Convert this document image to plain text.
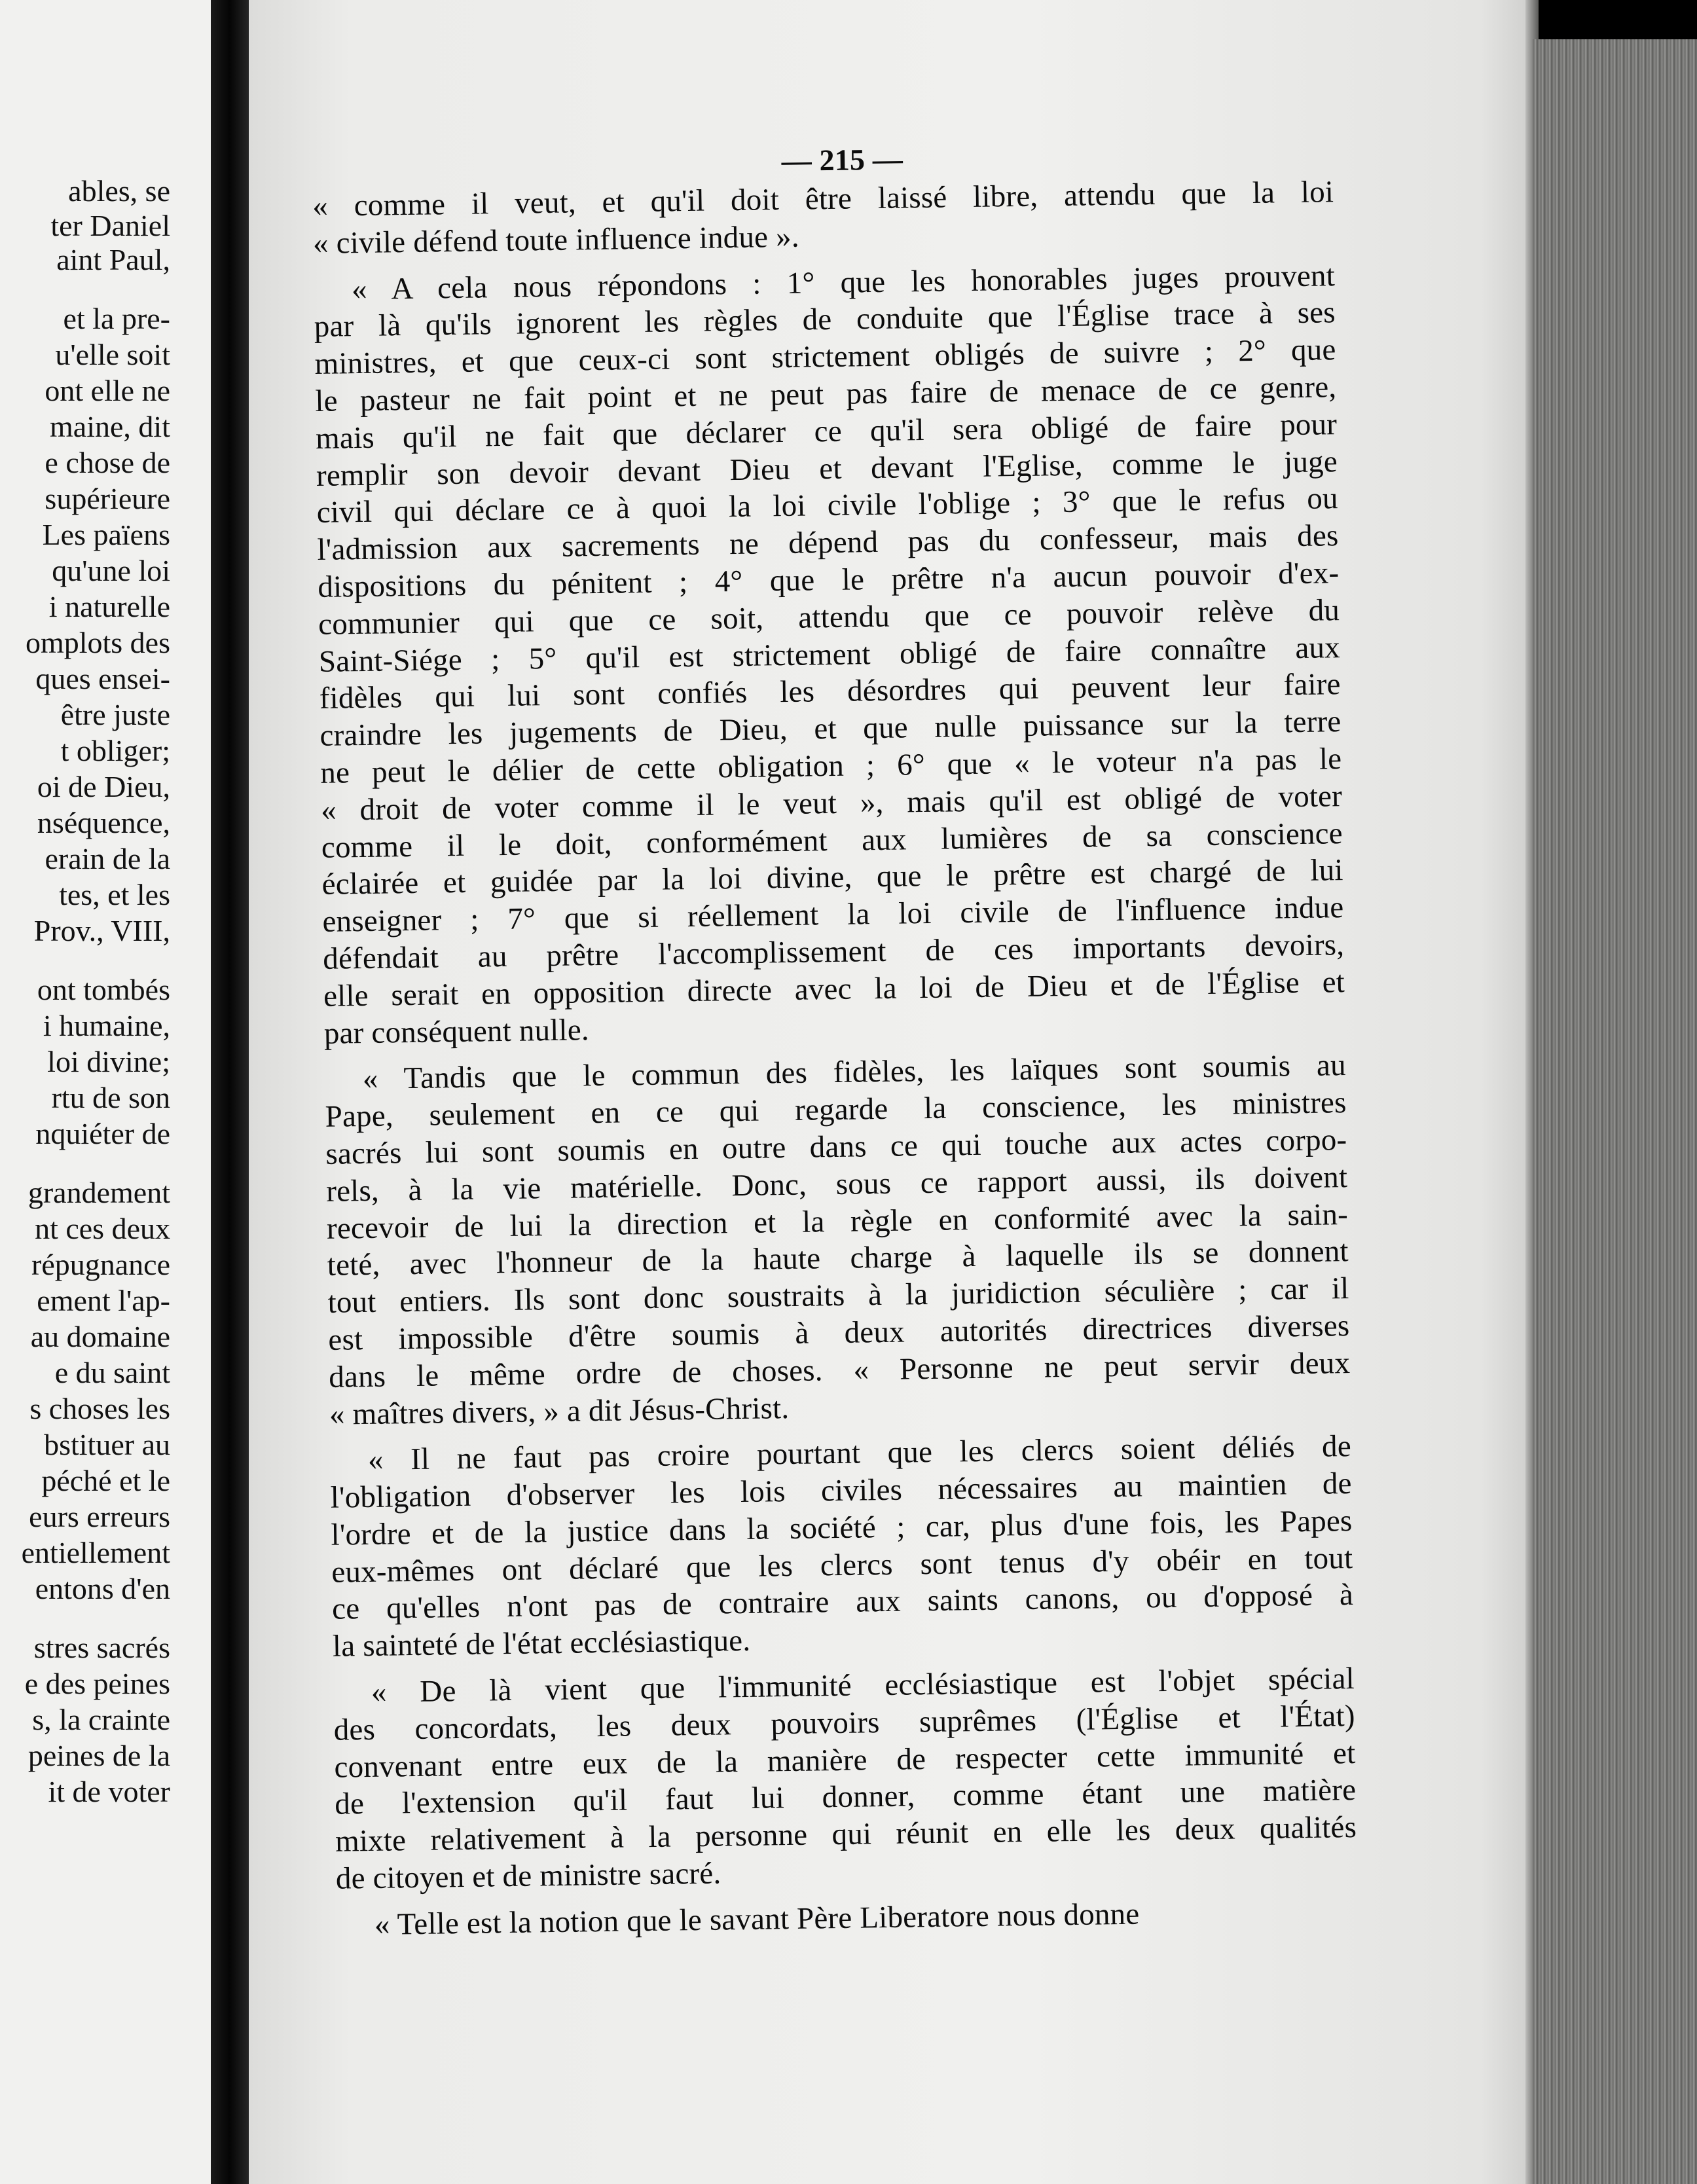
ables, se
ter Daniel
aint Paul,
et la pre-
u'elle soit
ont elle ne
maine, dit
e chose de
supérieure
Les païens
qu'une loi
i naturelle
omplots des
ques ensei-
être juste
t obliger;
oi de Dieu,
nséquence,
erain de la
tes, et les
Prov., VIII,
ont tombés
i humaine,
loi divine;
rtu de son
nquiéter de
grandement
nt ces deux
répugnance
ement l'ap-
au domaine
e du saint
s choses les
bstituer au
péché et le
eurs erreurs
entiellement
entons d'en
stres sacrés
e des peines
s, la crainte
peines de la
it de voter
— 215 —

« comme il veut, et qu'il doit être laissé libre, attendu que la loi
« civile défend toute influence indue ».

« A cela nous répondons : 1° que les honorables juges prouvent
par là qu'ils ignorent les règles de conduite que l'Église trace à ses
ministres, et que ceux-ci sont strictement obligés de suivre ; 2° que
le pasteur ne fait point et ne peut pas faire de menace de ce genre,
mais qu'il ne fait que déclarer ce qu'il sera obligé de faire pour
remplir son devoir devant Dieu et devant l'Eglise, comme le juge
civil qui déclare ce à quoi la loi civile l'oblige ; 3° que le refus ou
l'admission aux sacrements ne dépend pas du confesseur, mais des
dispositions du pénitent ; 4° que le prêtre n'a aucun pouvoir d'ex-
communier qui que ce soit, attendu que ce pouvoir relève du
Saint-Siége ; 5° qu'il est strictement obligé de faire connaître aux
fidèles qui lui sont confiés les désordres qui peuvent leur faire
craindre les jugements de Dieu, et que nulle puissance sur la terre
ne peut le délier de cette obligation ; 6° que « le voteur n'a pas le
« droit de voter comme il le veut », mais qu'il est obligé de voter
comme il le doit, conformément aux lumières de sa conscience
éclairée et guidée par la loi divine, que le prêtre est chargé de lui
enseigner ; 7° que si réellement la loi civile de l'influence indue
défendait au prêtre l'accomplissement de ces importants devoirs,
elle serait en opposition directe avec la loi de Dieu et de l'Église et
par conséquent nulle.

« Tandis que le commun des fidèles, les laïques sont soumis au
Pape, seulement en ce qui regarde la conscience, les ministres
sacrés lui sont soumis en outre dans ce qui touche aux actes corpo-
rels, à la vie matérielle. Donc, sous ce rapport aussi, ils doivent
recevoir de lui la direction et la règle en conformité avec la sain-
teté, avec l'honneur de la haute charge à laquelle ils se donnent
tout entiers. Ils sont donc soustraits à la juridiction séculière ; car il
est impossible d'être soumis à deux autorités directrices diverses
dans le même ordre de choses. « Personne ne peut servir deux
« maîtres divers, » a dit Jésus-Christ.

« Il ne faut pas croire pourtant que les clercs soient déliés de
l'obligation d'observer les lois civiles nécessaires au maintien de
l'ordre et de la justice dans la société ; car, plus d'une fois, les Papes
eux-mêmes ont déclaré que les clercs sont tenus d'y obéir en tout
ce qu'elles n'ont pas de contraire aux saints canons, ou d'opposé à
la sainteté de l'état ecclésiastique.

« De là vient que l'immunité ecclésiastique est l'objet spécial
des concordats, les deux pouvoirs suprêmes (l'Église et l'État)
convenant entre eux de la manière de respecter cette immunité et
de l'extension qu'il faut lui donner, comme étant une matière
mixte relativement à la personne qui réunit en elle les deux qualités
de citoyen et de ministre sacré.

« Telle est la notion que le savant Père Liberatore nous donne
